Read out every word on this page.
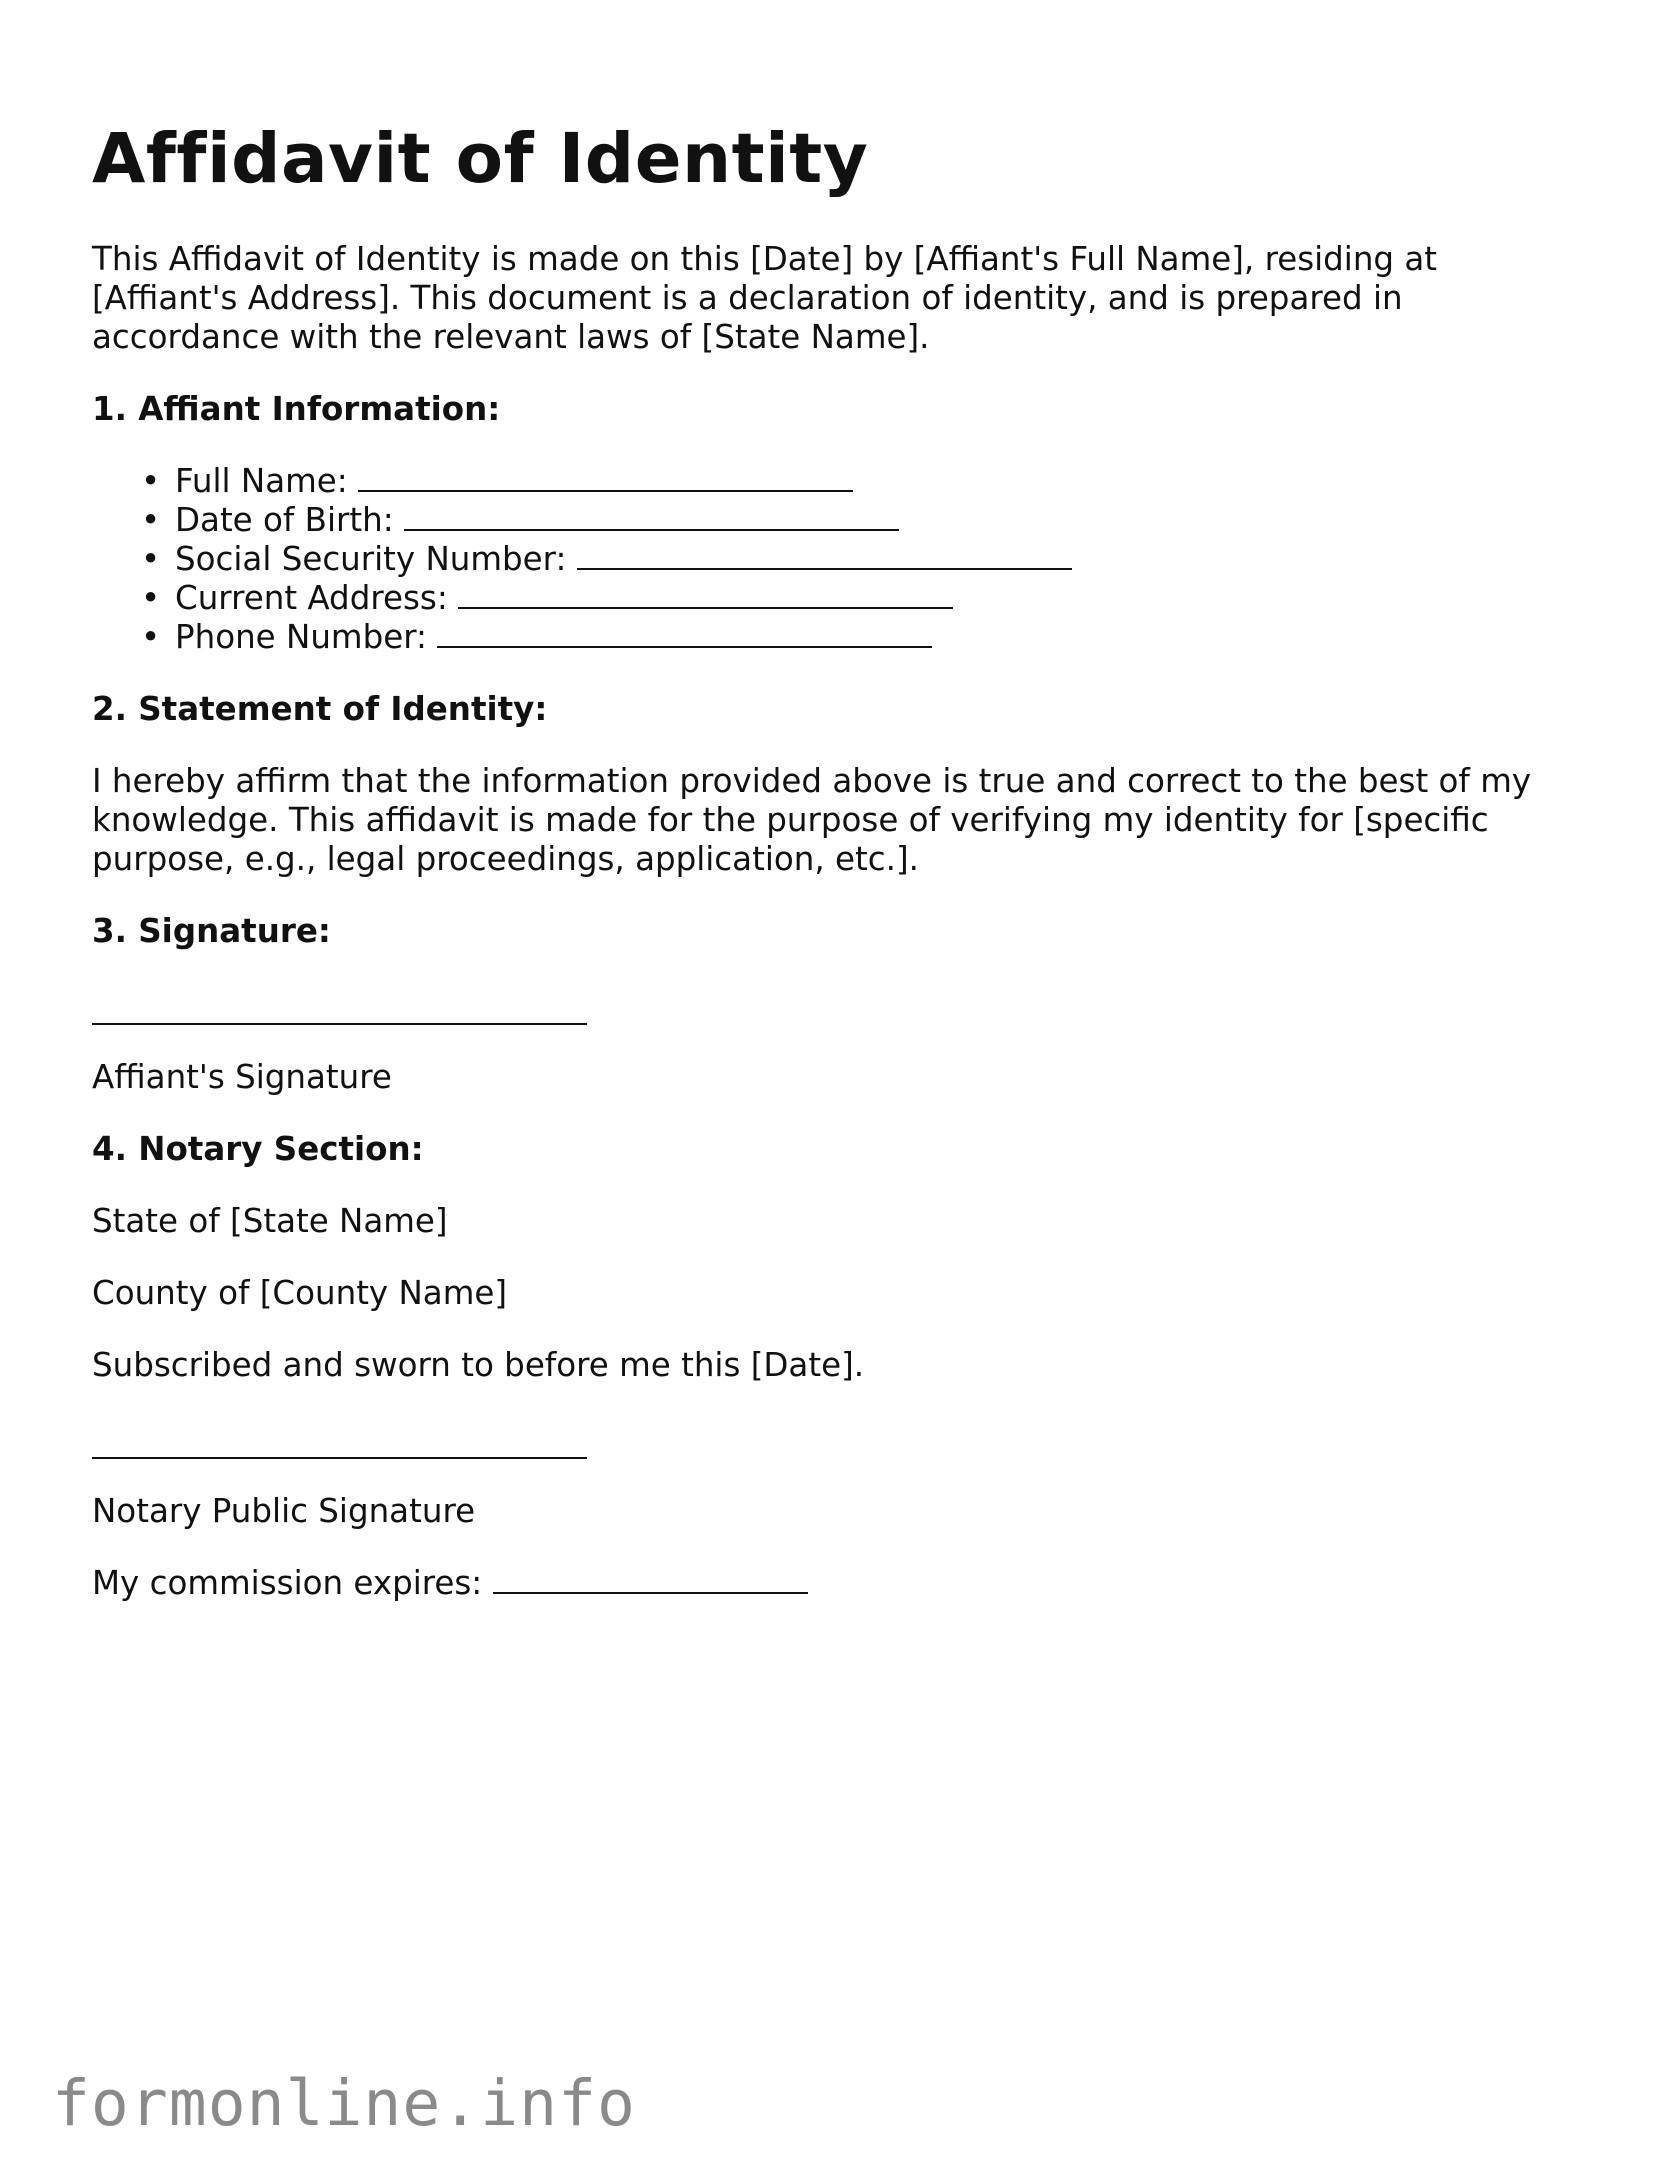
Affidavit of Identity

This Affidavit of Identity is made on this [Date] by [Affiant's Full Name], residing at [Affiant's Address]. This document is a declaration of identity, and is prepared in accordance with the relevant laws of [State Name].

1. Affiant Information:

• Full Name:
• Date of Birth:
• Social Security Number:
• Current Address:
• Phone Number:

2. Statement of Identity:

I hereby affirm that the information provided above is true and correct to the best of my knowledge. This affidavit is made for the purpose of verifying my identity for [specific purpose, e.g., legal proceedings, application, etc.].

3. Signature:

Affiant's Signature

4. Notary Section:

State of [State Name]

County of [County Name]

Subscribed and sworn to before me this [Date].

Notary Public Signature

My commission expires:

formonline.info
